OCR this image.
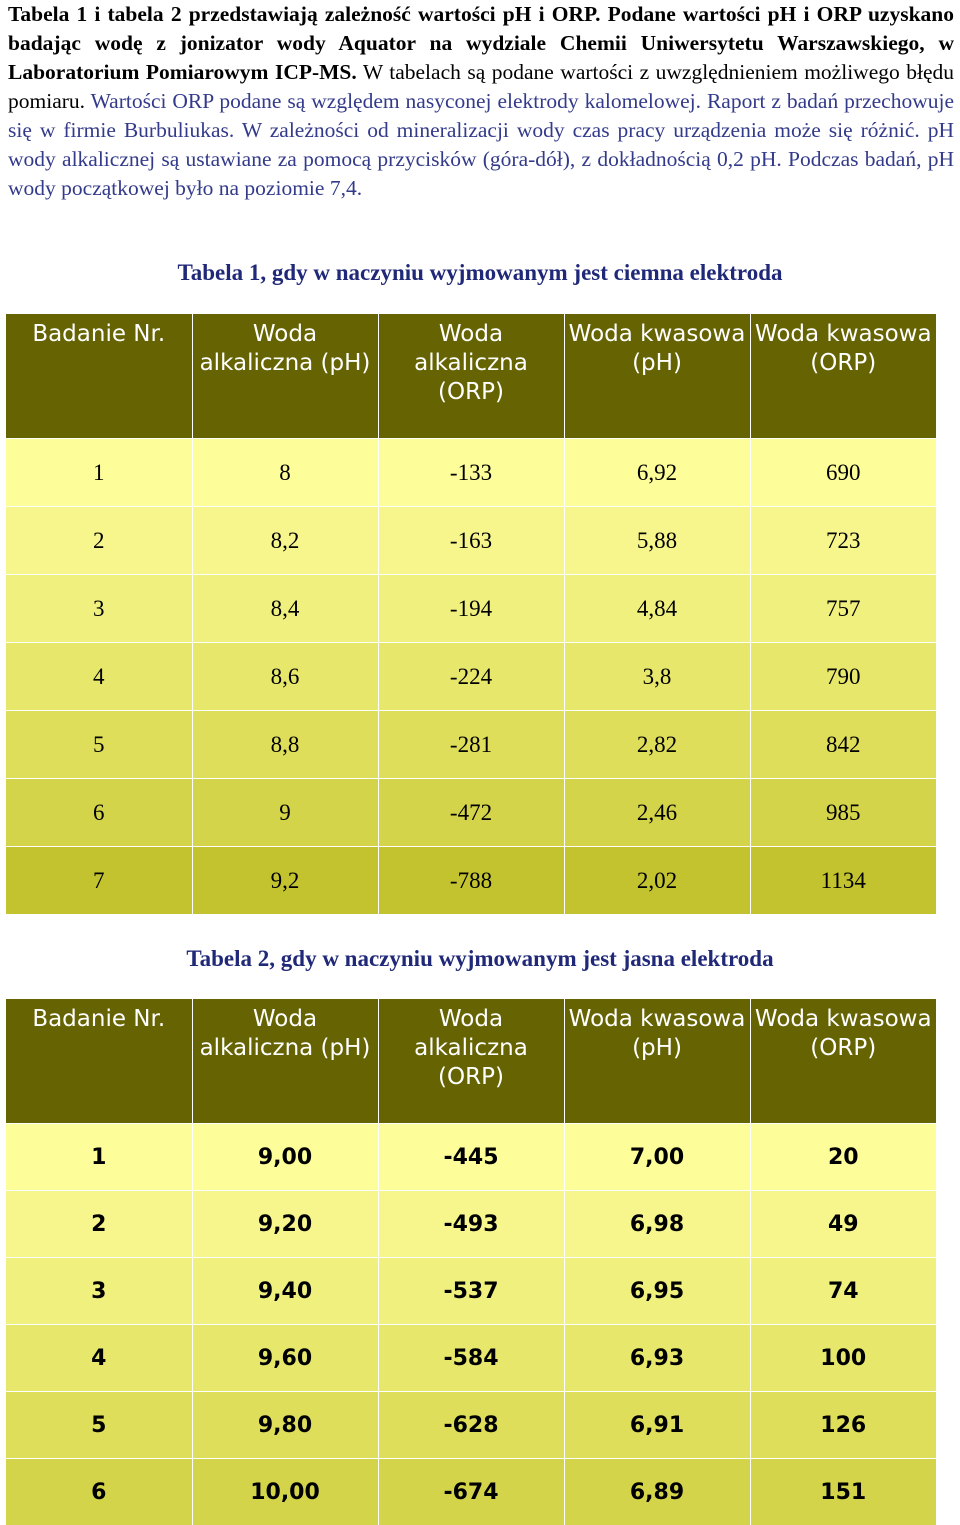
Tabela 1 i tabela 2 przedstawiają zależność wartości pH i ORP. Podane wartości pH i ORP uzyskano badając wodę z jonizator wody Aquator na wydziale Chemii Uniwersytetu Warszawskiego, w Laboratorium Pomiarowym ICP-MS. W tabelach są podane wartości z uwzględnieniem możliwego błędu pomiaru. Wartości ORP podane są względem nasyconej elektrody kalomelowej. Raport z badań przechowuje się w firmie Burbuliukas. W zależności od mineralizacji wody czas pracy urządzenia może się różnić. pH wody alkalicznej są ustawiane za pomocą przycisków (góra-dół), z dokładnością 0,2 pH. Podczas badań, pH wody początkowej było na poziomie 7,4.
Tabela 1, gdy w naczyniu wyjmowanym jest ciemna elektroda
Badanie Nr.	Woda alkaliczna (pH)	Woda alkaliczna (ORP)	Woda kwasowa (pH)	Woda kwasowa (ORP)
1	8	-133	6,92	690
2	8,2	-163	5,88	723
3	8,4	-194	4,84	757
4	8,6	-224	3,8	790
5	8,8	-281	2,82	842
6	9	-472	2,46	985
7	9,2	-788	2,02	1134
Tabela 2, gdy w naczyniu wyjmowanym jest jasna elektroda
Badanie Nr.	Woda alkaliczna (pH)	Woda alkaliczna (ORP)	Woda kwasowa (pH)	Woda kwasowa (ORP)
1	9,00	-445	7,00	20
2	9,20	-493	6,98	49
3	9,40	-537	6,95	74
4	9,60	-584	6,93	100
5	9,80	-628	6,91	126
6	10,00	-674	6,89	151
